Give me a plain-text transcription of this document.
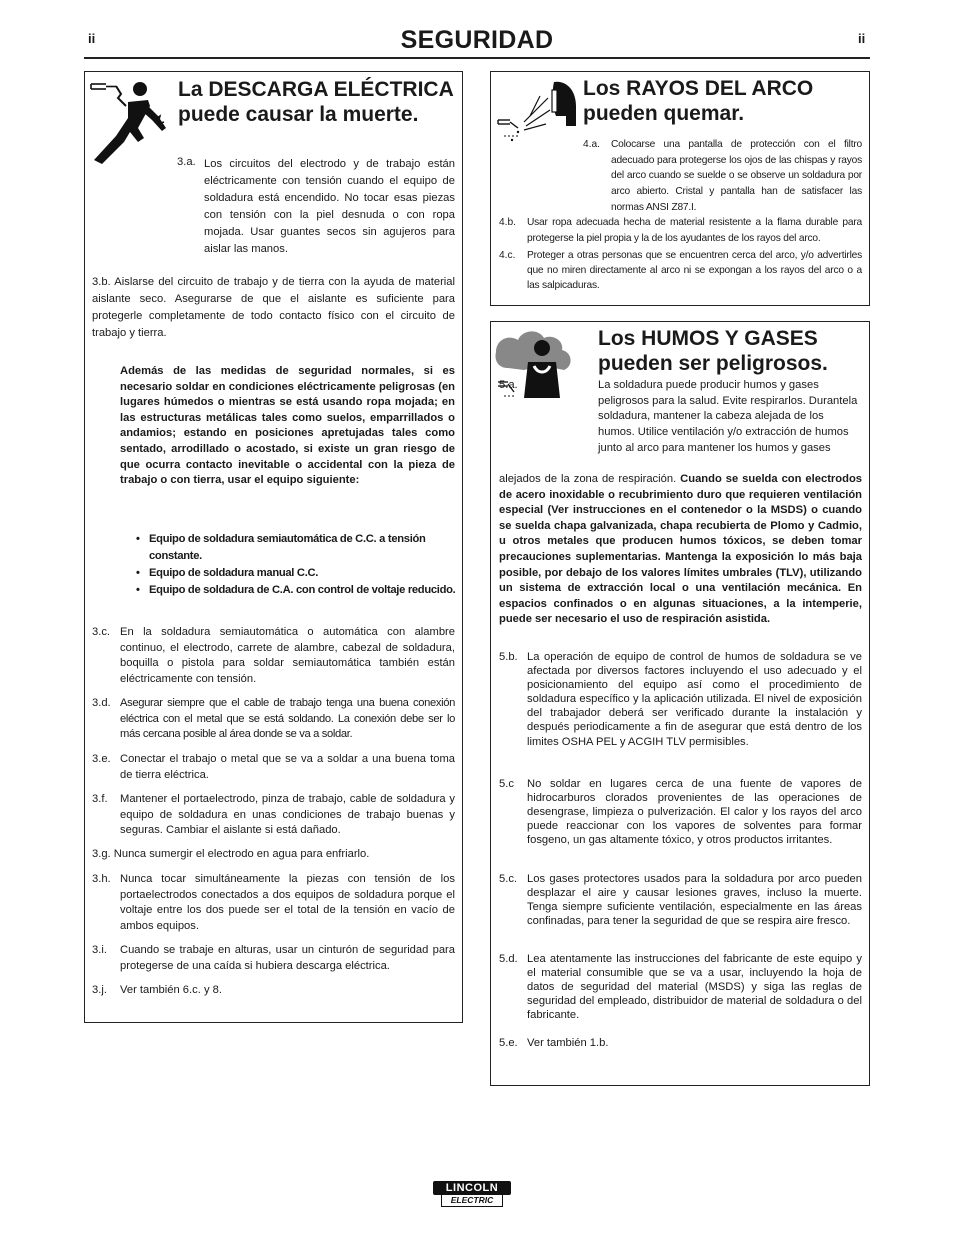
ii	ii
SEGURIDAD
La DESCARGA ELÉCTRICA
puede causar la muerte.
3.a. Los circuitos del electrodo y de trabajo están eléctricamente con tensión cuando el equipo de soldadura está encendido. No tocar esas piezas con tensión con la piel desnuda o con ropa mojada. Usar guantes secos sin agujeros para aislar las manos.
3.b. Aislarse del circuito de trabajo y de tierra con la ayuda de material aislante seco. Asegurarse de que el aislante es suficiente para protegerle completamente de todo contacto físico con el circuito de trabajo y tierra.
Además de las medidas de seguridad normales, si es necesario soldar en condiciones eléctricamente peligrosas (en lugares húmedos o mientras se está usando ropa mojada; en las estructuras metálicas tales como suelos, emparrillados o andamios; estando en posiciones apretujadas tales como sentado, arrodillado o acostado, si existe un gran riesgo de que ocurra contacto inevitable o accidental con la pieza de trabajo o con tierra, usar el equipo siguiente:
• Equipo de soldadura semiautomática de C.C. a tensión constante.
• Equipo de soldadura manual C.C.
• Equipo de soldadura de C.A. con control de voltaje reducido.
3.c. En la soldadura semiautomática o automática con alambre continuo, el electrodo, carrete de alambre, cabezal de soldadura, boquilla o pistola para soldar semiautomática también están eléctricamente con tensión.
3.d. Asegurar siempre que el cable de trabajo tenga una buena conexión eléctrica con el metal que se está soldando. La conexión debe ser lo más cercana posible al área donde se va a soldar.
3.e. Conectar el trabajo o metal que se va a soldar a una buena toma de tierra eléctrica.
3.f. Mantener el portaelectrodo, pinza de trabajo, cable de soldadura y equipo de soldadura en unas condiciones de trabajo buenas y seguras. Cambiar el aislante si está dañado.
3.g. Nunca sumergir el electrodo en agua para enfriarlo.
3.h. Nunca tocar simultáneamente la piezas con tensión de los portaelectrodos conectados a dos equipos de soldadura porque el voltaje entre los dos puede ser el total de la tensión en vacío de ambos equipos.
3.i. Cuando se trabaje en alturas, usar un cinturón de seguridad para protegerse de una caída si hubiera descarga eléctrica.
3.j. Ver también 6.c. y 8.
Los RAYOS DEL ARCO
pueden quemar.
4.a. Colocarse una pantalla de protección con el filtro adecuado para protegerse los ojos de las chispas y rayos del arco cuando se suelde o se observe un soldadura por arco abierto. Cristal y pantalla han de satisfacer las normas ANSI Z87.I.
4.b. Usar ropa adecuada hecha de material resistente a la flama durable para protegerse la piel propia y la de los ayudantes de los rayos del arco.
4.c. Proteger a otras personas que se encuentren cerca del arco, y/o advertirles que no miren directamente al arco ni se expongan a los rayos del arco o a las salpicaduras.
Los HUMOS Y GASES
pueden ser peligrosos.
5.a.	La soldadura puede producir humos y gases peligrosos para la salud. Evite respirarlos. Durantela soldadura, mantener la cabeza alejada de los humos. Utilice ventilación y/o extracción de humos junto al arco para mantener los humos y gases
alejados de la zona de respiración. Cuando se suelda con electrodos de acero inoxidable o recubrimiento duro que requieren ventilación especial (Ver instrucciones en el contenedor o la MSDS) o cuando se suelda chapa galvanizada, chapa recubierta de Plomo y Cadmio, u otros metales que producen humos tóxicos, se deben tomar precauciones suplementarias. Mantenga la exposición lo más baja posible, por debajo de los valores límites umbrales (TLV), utilizando un sistema de extracción local o una ventilación mecánica. En espacios confinados o en algunas situaciones, a la intemperie, puede ser necesario el uso de respiración asistida.
5.b. La operación de equipo de control de humos de soldadura se ve afectada por diversos factores incluyendo el uso adecuado y el posicionamiento del equipo así como el procedimiento de soldadura específico y la aplicación utilizada. El nivel de exposición del trabajador deberá ser verificado durante la instalación y después periodicamente a fin de asegurar que está dentro de los limites OSHA PEL y ACGIH TLV permisibles.
5.c No soldar en lugares cerca de una fuente de vapores de hidrocarburos clorados provenientes de las operaciones de desengrase, limpieza o pulverización. El calor y los rayos del arco puede reaccionar con los vapores de solventes para formar fosgeno, un gas altamente tóxico, y otros productos irritantes.
5.c. Los gases protectores usados para la soldadura por arco pueden desplazar el aire y causar lesiones graves, incluso la muerte. Tenga siempre suficiente ventilación, especialmente en las áreas confinadas, para tener la seguridad de que se respira aire fresco.
5.d. Lea atentamente las instrucciones del fabricante de este equipo y el material consumible que se va a usar, incluyendo la hoja de datos de seguridad del material (MSDS) y siga las reglas de seguridad del empleado, distribuidor de material de soldadura o del fabricante.
5.e. Ver también 1.b.
LINCOLN
ELECTRIC
